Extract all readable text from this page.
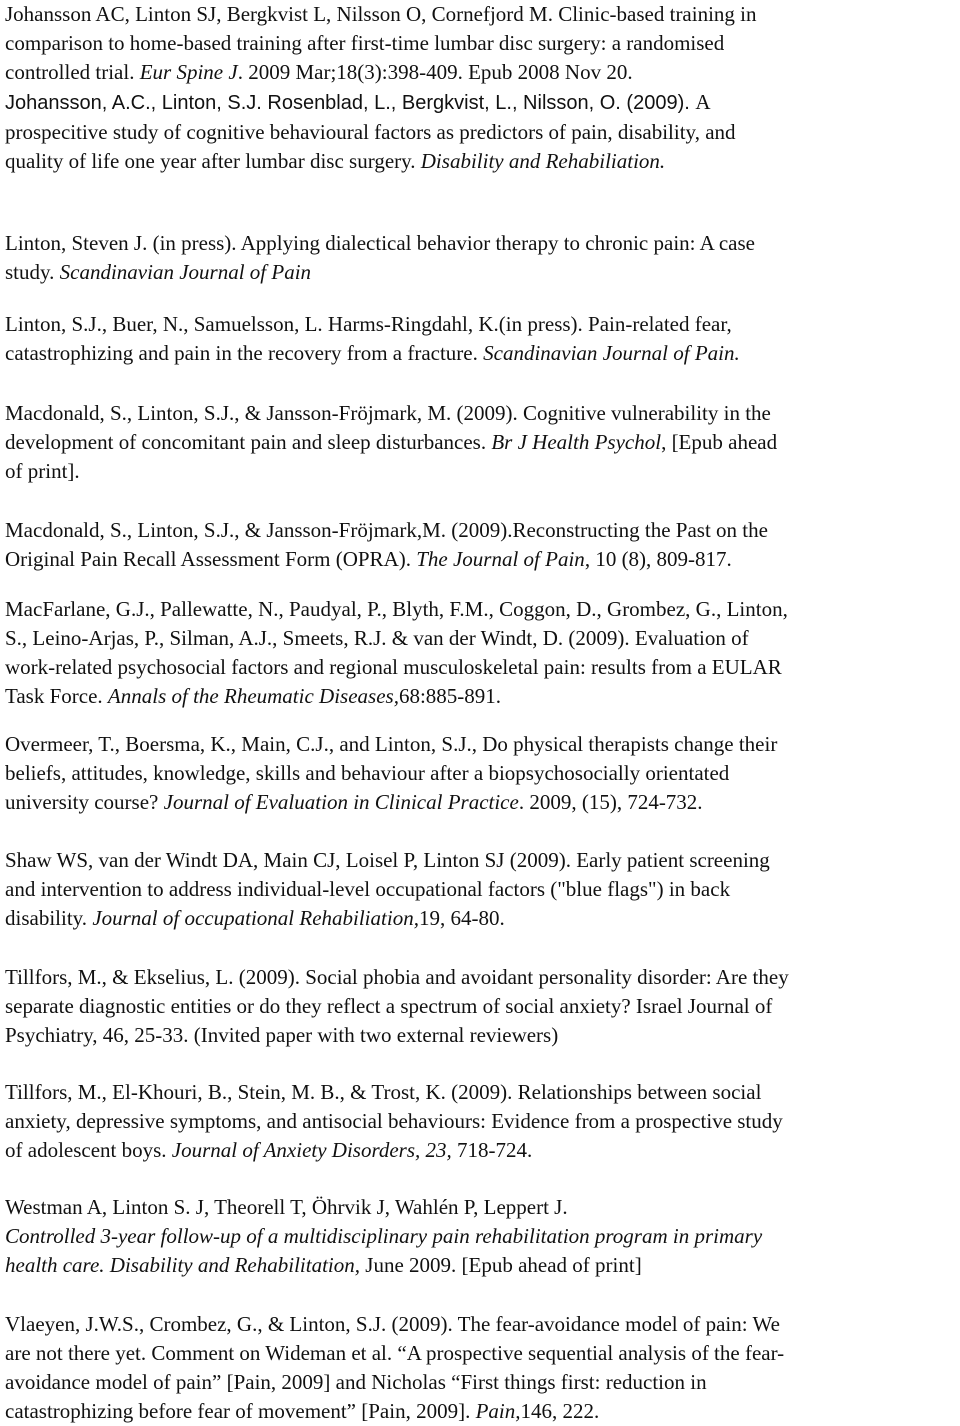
Johansson AC, Linton SJ, Bergkvist L, Nilsson O, Cornefjord M. Clinic-based training in
comparison to home-based training after first-time lumbar disc surgery: a randomised
controlled trial. Eur Spine J. 2009 Mar;18(3):398-409. Epub 2008 Nov 20.
Johansson, A.C., Linton, S.J. Rosenblad, L., Bergkvist, L., Nilsson, O. (2009). A
prospecitive study of cognitive behavioural factors as predictors of pain, disability, and
quality of life one year after lumbar disc surgery. Disability and Rehabiliation.
Linton, Steven J. (in press). Applying dialectical behavior therapy to chronic pain: A case
study. Scandinavian Journal of Pain
Linton, S.J., Buer, N., Samuelsson, L. Harms-Ringdahl, K.(in press). Pain-related fear,
catastrophizing and pain in the recovery from a fracture. Scandinavian Journal of Pain.
Macdonald, S., Linton, S.J., & Jansson-Fröjmark, M. (2009). Cognitive vulnerability in the
development of concomitant pain and sleep disturbances. Br J Health Psychol, [Epub ahead
of print].
Macdonald, S., Linton, S.J., & Jansson-Fröjmark,M. (2009).Reconstructing the Past on the
Original Pain Recall Assessment Form (OPRA). The Journal of Pain, 10 (8), 809-817.
MacFarlane, G.J., Pallewatte, N., Paudyal, P., Blyth, F.M., Coggon, D., Grombez, G., Linton,
S., Leino-Arjas, P., Silman, A.J., Smeets, R.J. & van der Windt, D. (2009). Evaluation of
work-related psychosocial factors and regional musculoskeletal pain: results from a EULAR
Task Force. Annals of the Rheumatic Diseases,68:885-891.
Overmeer, T., Boersma, K., Main, C.J., and Linton, S.J., Do physical therapists change their
beliefs, attitudes, knowledge, skills and behaviour after a biopsychosocially orientated
university course? Journal of Evaluation in Clinical Practice. 2009, (15), 724-732.
Shaw WS, van der Windt DA, Main CJ, Loisel P, Linton SJ (2009). Early patient screening
and intervention to address individual-level occupational factors ("blue flags") in back
disability. Journal of occupational Rehabiliation,19, 64-80.
Tillfors, M., & Ekselius, L. (2009). Social phobia and avoidant personality disorder: Are they
separate diagnostic entities or do they reflect a spectrum of social anxiety? Israel Journal of
Psychiatry, 46, 25-33. (Invited paper with two external reviewers)
Tillfors, M., El-Khouri, B., Stein, M. B., & Trost, K. (2009). Relationships between social
anxiety, depressive symptoms, and antisocial behaviours: Evidence from a prospective study
of adolescent boys. Journal of Anxiety Disorders, 23, 718-724.
Westman A, Linton S. J, Theorell T, Öhrvik J, Wahlén P, Leppert J.
Controlled 3-year follow-up of a multidisciplinary pain rehabilitation program in primary
health care. Disability and Rehabilitation, June 2009. [Epub ahead of print]
Vlaeyen, J.W.S., Crombez, G., & Linton, S.J. (2009). The fear-avoidance model of pain: We
are not there yet. Comment on Wideman et al. “A prospective sequential analysis of the fear-
avoidance model of pain” [Pain, 2009] and Nicholas “First things first: reduction in
catastrophizing before fear of movement” [Pain, 2009]. Pain,146, 222.
